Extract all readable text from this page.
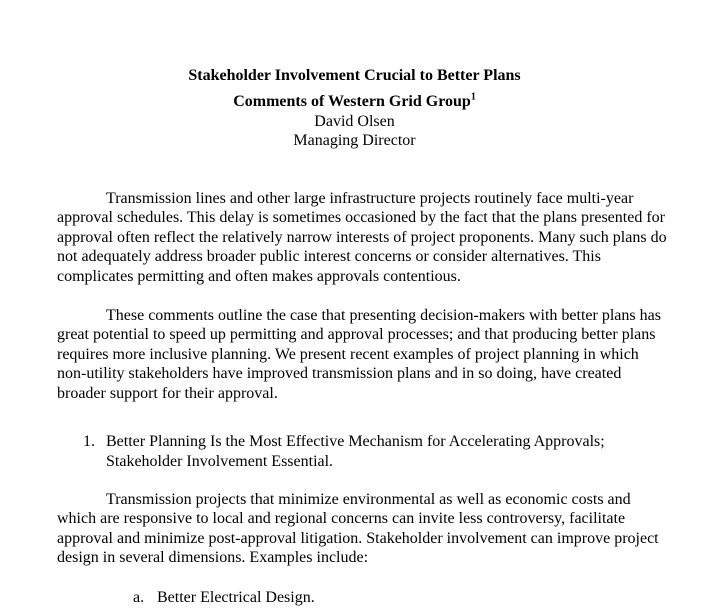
Stakeholder Involvement Crucial to Better Plans
Comments of Western Grid Group$^1$
David Olsen
Managing Director

Transmission lines and other large infrastructure projects routinely face multi-year approval schedules. This delay is sometimes occasioned by the fact that the plans presented for approval often reflect the relatively narrow interests of project proponents. Many such plans do not adequately address broader public interest concerns or consider alternatives. This complicates permitting and often makes approvals contentious.

These comments outline the case that presenting decision-makers with better plans has great potential to speed up permitting and approval processes; and that producing better plans requires more inclusive planning. We present recent examples of project planning in which non-utility stakeholders have improved transmission plans and in so doing, have created broader support for their approval.

1. Better Planning Is the Most Effective Mechanism for Accelerating Approvals; Stakeholder Involvement Essential.

Transmission projects that minimize environmental as well as economic costs and which are responsive to local and regional concerns can invite less controversy, facilitate approval and minimize post-approval litigation. Stakeholder involvement can improve project design in several dimensions. Examples include:

a. Better Electrical Design.
